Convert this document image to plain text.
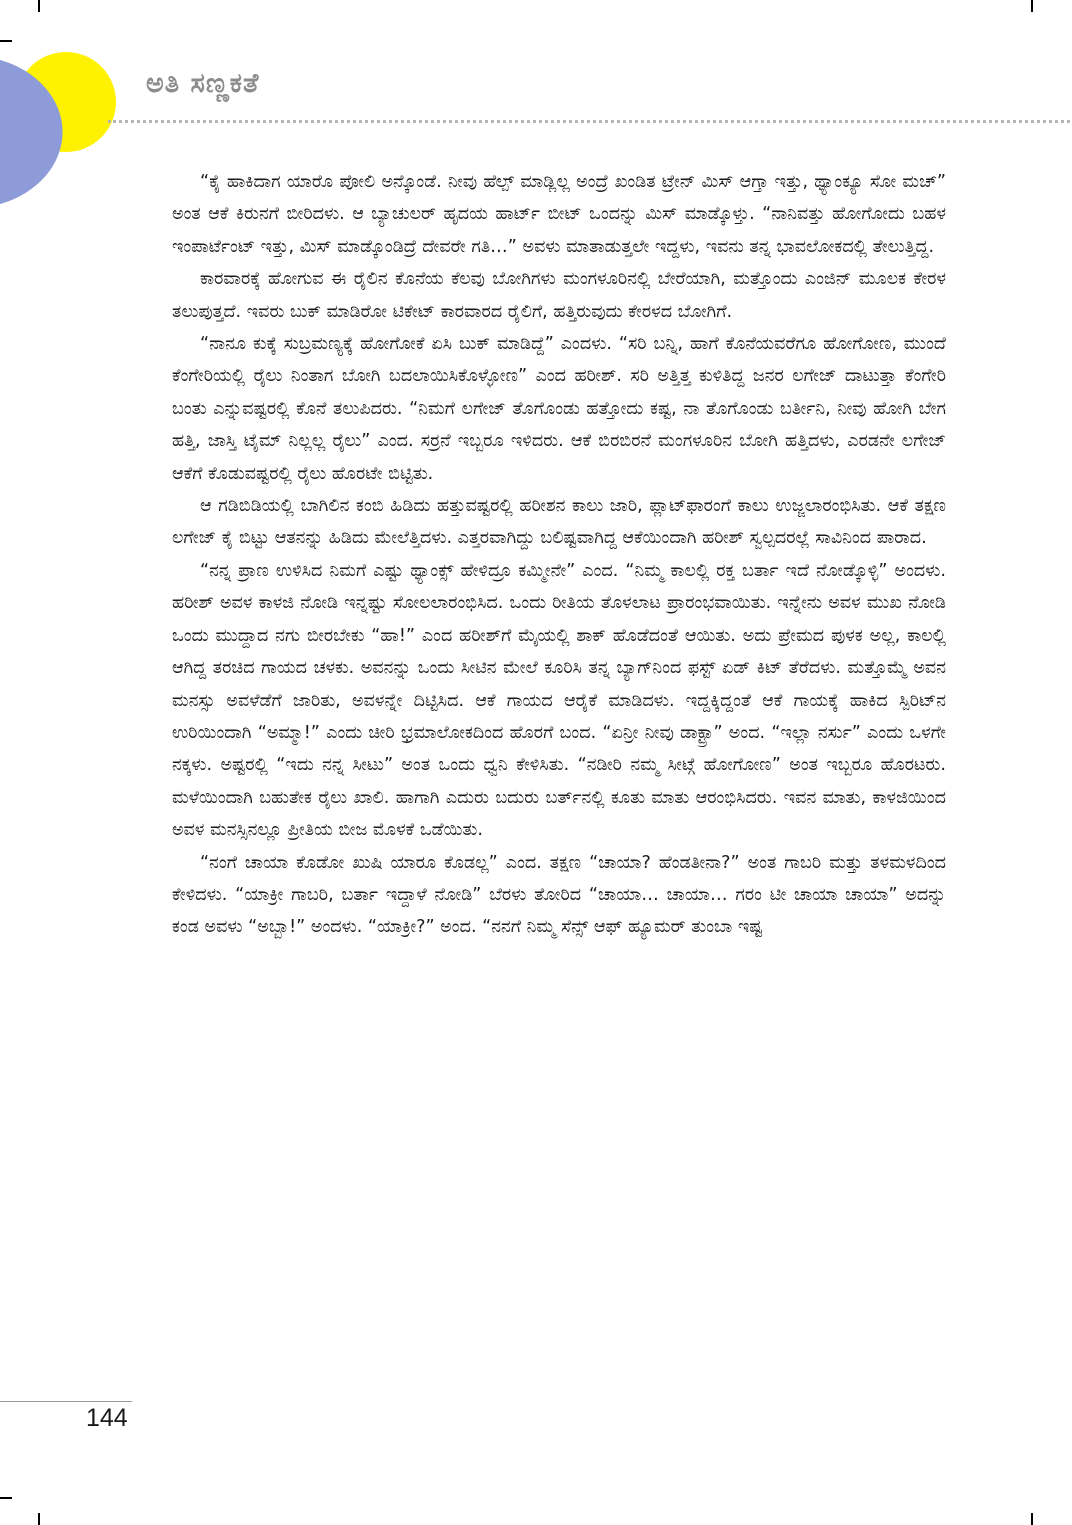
ಅತಿ ಸಣ್ಣಕತೆ

“ಕೈ ಹಾಕಿದಾಗ ಯಾರೊ ಪೋಲಿ ಅನ್ಕೊಂಡೆ. ನೀವು ಹೆಲ್ಪ್ ಮಾಡ್ಲಿಲ್ಲ ಅಂದ್ರೆ ಖಂಡಿತ ಟ್ರೇನ್ ಮಿಸ್ ಆಗ್ತಾ ಇತ್ತು, ಥ್ಯಾಂಕ್ಯೂ ಸೋ ಮಚ್” ಅಂತ ಆಕೆ ಕಿರುನಗೆ ಬೀರಿದಳು. ಆ ಬ್ಯಾಚುಲರ್ ಹೃದಯ ಹಾರ್ಟ್ ಬೀಟ್ ಒಂದನ್ನು ಮಿಸ್ ಮಾಡ್ಕೊಳ್ತು. “ನಾನಿವತ್ತು ಹೋಗೋದು ಬಹಳ ಇಂಪಾರ್ಟೆಂಟ್ ಇತ್ತು, ಮಿಸ್ ಮಾಡ್ಕೊಂಡಿದ್ರೆ ದೇವರೇ ಗತಿ…” ಅವಳು ಮಾತಾಡುತ್ತಲೇ ಇದ್ದಳು, ಇವನು ತನ್ನ ಭಾವಲೋಕದಲ್ಲಿ ತೇಲುತ್ತಿದ್ದ.

ಕಾರವಾರಕ್ಕೆ ಹೋಗುವ ಈ ರೈಲಿನ ಕೊನೆಯ ಕೆಲವು ಬೋಗಿಗಳು ಮಂಗಳೂರಿನಲ್ಲಿ ಬೇರೆಯಾಗಿ, ಮತ್ತೊಂದು ಎಂಜಿನ್ ಮೂಲಕ ಕೇರಳ ತಲುಪುತ್ತದೆ. ಇವರು ಬುಕ್ ಮಾಡಿರೋ ಟಿಕೇಟ್ ಕಾರವಾರದ ರೈಲಿಗೆ, ಹತ್ತಿರುವುದು ಕೇರಳದ ಬೋಗಿಗೆ.

“ನಾನೂ ಕುಕ್ಕೆ ಸುಬ್ರಮಣ್ಯಕ್ಕೆ ಹೋಗೋಕೆ ಏಸಿ ಬುಕ್ ಮಾಡಿದ್ದೆ” ಎಂದಳು. “ಸರಿ ಬನ್ನಿ, ಹಾಗೆ ಕೊನೆಯವರೆಗೂ ಹೋಗೋಣ, ಮುಂದೆ ಕೆಂಗೇರಿಯಲ್ಲಿ ರೈಲು ನಿಂತಾಗ ಬೋಗಿ ಬದಲಾಯಿಸಿಕೊಳ್ಳೋಣ” ಎಂದ ಹರೀಶ್. ಸರಿ ಅತ್ತಿತ್ತ ಕುಳಿತಿದ್ದ ಜನರ ಲಗೇಜ್ ದಾಟುತ್ತಾ ಕೆಂಗೇರಿ ಬಂತು ಎನ್ನುವಷ್ಟರಲ್ಲಿ ಕೊನೆ ತಲುಪಿದರು. “ನಿಮಗೆ ಲಗೇಜ್ ತೊಗೊಂಡು ಹತ್ತೋದು ಕಷ್ಟ, ನಾ ತೊಗೊಂಡು ಬರ್ತೀನಿ, ನೀವು ಹೋಗಿ ಬೇಗ ಹತ್ತಿ, ಜಾಸ್ತಿ ಟೈಮ್ ನಿಲ್ಲಲ್ಲ ರೈಲು” ಎಂದ. ಸರ್ರನೆ ಇಬ್ಬರೂ ಇಳಿದರು. ಆಕೆ ಬಿರಬಿರನೆ ಮಂಗಳೂರಿನ ಬೋಗಿ ಹತ್ತಿದಳು, ಎರಡನೇ ಲಗೇಜ್ ಆಕೆಗೆ ಕೊಡುವಷ್ಟರಲ್ಲಿ ರೈಲು ಹೊರಟೇ ಬಿಟ್ಟಿತು.

ಆ ಗಡಿಬಿಡಿಯಲ್ಲಿ ಬಾಗಿಲಿನ ಕಂಬಿ ಹಿಡಿದು ಹತ್ತುವಷ್ಟರಲ್ಲಿ ಹರೀಶನ ಕಾಲು ಜಾರಿ, ಪ್ಲಾಟ್‌ಫಾರಂಗೆ ಕಾಲು ಉಜ್ಜಲಾರಂಭಿಸಿತು. ಆಕೆ ತಕ್ಷಣ ಲಗೇಜ್ ಕೈ ಬಿಟ್ಟು ಆತನನ್ನು ಹಿಡಿದು ಮೇಲೆತ್ತಿದಳು. ಎತ್ತರವಾಗಿದ್ದು ಬಲಿಷ್ಟವಾಗಿದ್ದ ಆಕೆಯಿಂದಾಗಿ ಹರೀಶ್ ಸ್ವಲ್ಪದರಲ್ಲೆ ಸಾವಿನಿಂದ ಪಾರಾದ.

“ನನ್ನ ಪ್ರಾಣ ಉಳಿಸಿದ ನಿಮಗೆ ಎಷ್ಟು ಥ್ಯಾಂಕ್ಸ್ ಹೇಳಿದ್ರೂ ಕಮ್ಮೀನೇ” ಎಂದ. “ನಿಮ್ಮ ಕಾಲಲ್ಲಿ ರಕ್ತ ಬರ್ತಾ ಇದೆ ನೋಡ್ಕೊಳ್ಳಿ” ಅಂದಳು. ಹರೀಶ್ ಅವಳ ಕಾಳಜಿ ನೋಡಿ ಇನ್ನಷ್ಟು ಸೋಲಲಾರಂಭಿಸಿದ. ಒಂದು ರೀತಿಯ ತೊಳಲಾಟ ಪ್ರಾರಂಭವಾಯಿತು. ಇನ್ನೇನು ಅವಳ ಮುಖ ನೋಡಿ ಒಂದು ಮುದ್ದಾದ ನಗು ಬೀರಬೇಕು “ಹಾ!” ಎಂದ ಹರೀಶ್‌ಗೆ ಮೈಯಲ್ಲಿ ಶಾಕ್ ಹೊಡೆದಂತೆ ಆಯಿತು. ಅದು ಪ್ರೇಮದ ಪುಳಕ ಅಲ್ಲ, ಕಾಲಲ್ಲಿ ಆಗಿದ್ದ ತರಚಿದ ಗಾಯದ ಚಳಕು. ಅವನನ್ನು ಒಂದು ಸೀಟಿನ ಮೇಲೆ ಕೂರಿಸಿ ತನ್ನ ಬ್ಯಾಗ್‌ನಿಂದ ಫಸ್ಟ್ ಏಡ್ ಕಿಟ್ ತೆರೆದಳು. ಮತ್ತೊಮ್ಮೆ ಅವನ ಮನಸ್ಸು ಅವಳೆಡೆಗೆ ಜಾರಿತು, ಅವಳನ್ನೇ ದಿಟ್ಟಿಸಿದ. ಆಕೆ ಗಾಯದ ಆರೈಕೆ ಮಾಡಿದಳು. ಇದ್ದಕ್ಕಿದ್ದಂತೆ ಆಕೆ ಗಾಯಕ್ಕೆ ಹಾಕಿದ ಸ್ಪಿರಿಟ್‌ನ ಉರಿಯಿಂದಾಗಿ “ಅಮ್ಮಾ!” ಎಂದು ಚೀರಿ ಭ್ರಮಾಲೋಕದಿಂದ ಹೊರಗೆ ಬಂದ. “ಏನ್ರೀ ನೀವು ಡಾಕ್ಟ್ರಾ” ಅಂದ. “ಇಲ್ಲಾ ನರ್ಸು” ಎಂದು ಒಳಗೇ ನಕ್ಕಳು. ಅಷ್ಟರಲ್ಲಿ “ಇದು ನನ್ನ ಸೀಟು” ಅಂತ ಒಂದು ಧ್ವನಿ ಕೇಳಿಸಿತು. “ನಡೀರಿ ನಮ್ಮ ಸೀಟ್ಗೆ ಹೋಗೋಣ” ಅಂತ ಇಬ್ಬರೂ ಹೊರಟರು. ಮಳೆಯಿಂದಾಗಿ ಬಹುತೇಕ ರೈಲು ಖಾಲಿ. ಹಾಗಾಗಿ ಎದುರು ಬದುರು ಬರ್ತ್‌ನಲ್ಲಿ ಕೂತು ಮಾತು ಆರಂಭಿಸಿದರು. ಇವನ ಮಾತು, ಕಾಳಜಿಯಿಂದ ಅವಳ ಮನಸ್ಸಿನಲ್ಲೂ ಪ್ರೀತಿಯ ಬೀಜ ಮೊಳಕೆ ಒಡೆಯಿತು.

“ನಂಗೆ ಚಾಯಾ ಕೊಡೋ ಖುಷಿ ಯಾರೂ ಕೊಡಲ್ಲ” ಎಂದ. ತಕ್ಷಣ “ಚಾಯಾ? ಹೆಂಡತೀನಾ?” ಅಂತ ಗಾಬರಿ ಮತ್ತು ತಳಮಳದಿಂದ ಕೇಳಿದಳು. “ಯಾಕ್ರೀ ಗಾಬರಿ, ಬರ್ತಾ ಇದ್ದಾಳೆ ನೋಡಿ” ಬೆರಳು ತೋರಿದ “ಚಾಯಾ… ಚಾಯಾ… ಗರಂ ಟೀ ಚಾಯಾ ಚಾಯಾ” ಅದನ್ನು ಕಂಡ ಅವಳು “ಅಬ್ಬಾ!” ಅಂದಳು. “ಯಾಕ್ರೀ?” ಅಂದ. “ನನಗೆ ನಿಮ್ಮ ಸೆನ್ಸ್ ಆಫ್ ಹ್ಯೂಮರ್ ತುಂಬಾ ಇಷ್ಟ

144
